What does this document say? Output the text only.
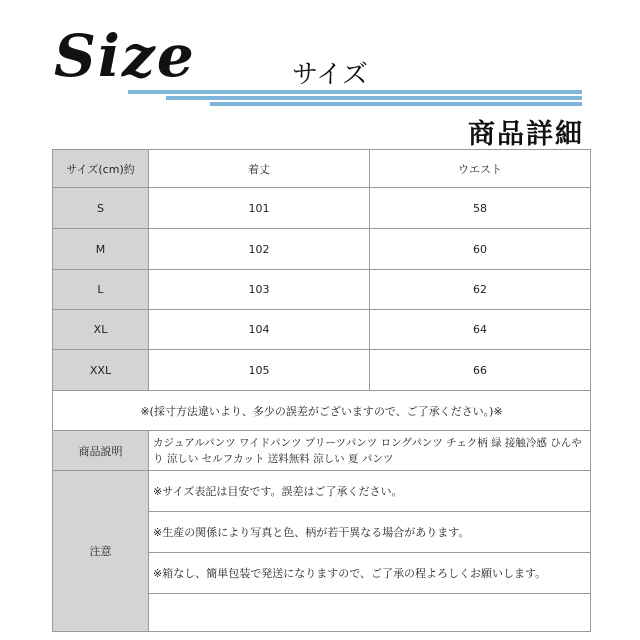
Size	サイズ
商品詳細
サイズ(cm)約	着丈	ウエスト
S	101	58
M	102	60
L	103	62
XL	104	64
XXL	105	66
※(採寸方法違いより、多少の誤差がございますので、ご了承ください。)※		
商品説明	カジュアルパンツ ワイドパンツ プリーツパンツ ロングパンツ チェク柄 緑 接触冷感 ひんやり 涼しい セルフカット 送料無料 涼しい 夏 パンツ	
注意	※サイズ表記は目安です。誤差はご了承ください。	
	※生産の関係により写真と色、柄が若干異なる場合があります。	
	※箱なし、簡単包装で発送になりますので、ご了承の程よろしくお願いします。	
